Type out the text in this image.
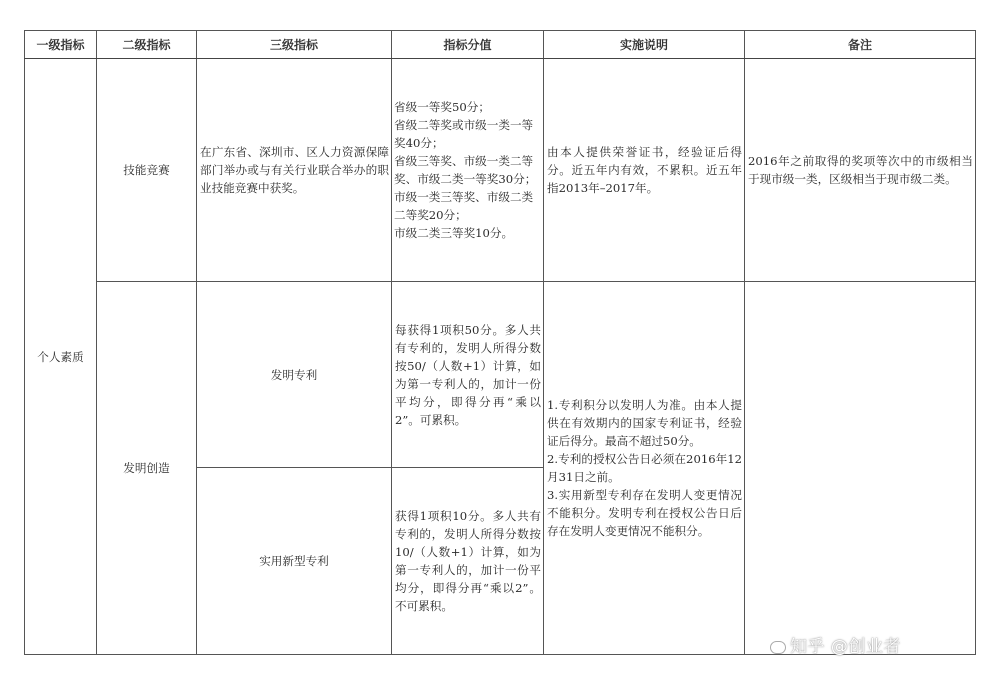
一级指标	二级指标	三级指标	指标分值	实施说明	备注
个人素质	技能竞赛	在广东省、深圳市、区人力资源保障部门举办或与有关行业联合举办的职业技能竞赛中获奖。	省级一等奖50分；
省级二等奖或市级一类一等奖40分；
省级三等奖、市级一类二等奖、市级二类一等奖30分；
市级一类三等奖、市级二类二等奖20分；
市级二类三等奖10分。	由本人提供荣誉证书，经验证后得分。近五年内有效，不累积。近五年指2013年–2017年。	2016年之前取得的奖项等次中的市级相当于现市级一类，区级相当于现市级二类。
	发明创造	发明专利	每获得1项积50分。多人共有专利的，发明人所得分数按50/（人数+1）计算，如为第一专利人的，加计一份平均分，即得分再“乘以2”。可累积。	1.专利积分以发明人为准。由本人提供在有效期内的国家专利证书，经验证后得分。最高不超过50分。
2.专利的授权公告日必须在2016年12月31日之前。
3.实用新型专利存在发明人变更情况不能积分。发明专利在授权公告日后存在发明人变更情况不能积分。	

		实用新型专利	获得1项积10分。多人共有专利的，发明人所得分数按10/（人数+1）计算，如为第一专利人的，加计一份平均分，即得分再“乘以2”。不可累积。		
知乎 @创业者
